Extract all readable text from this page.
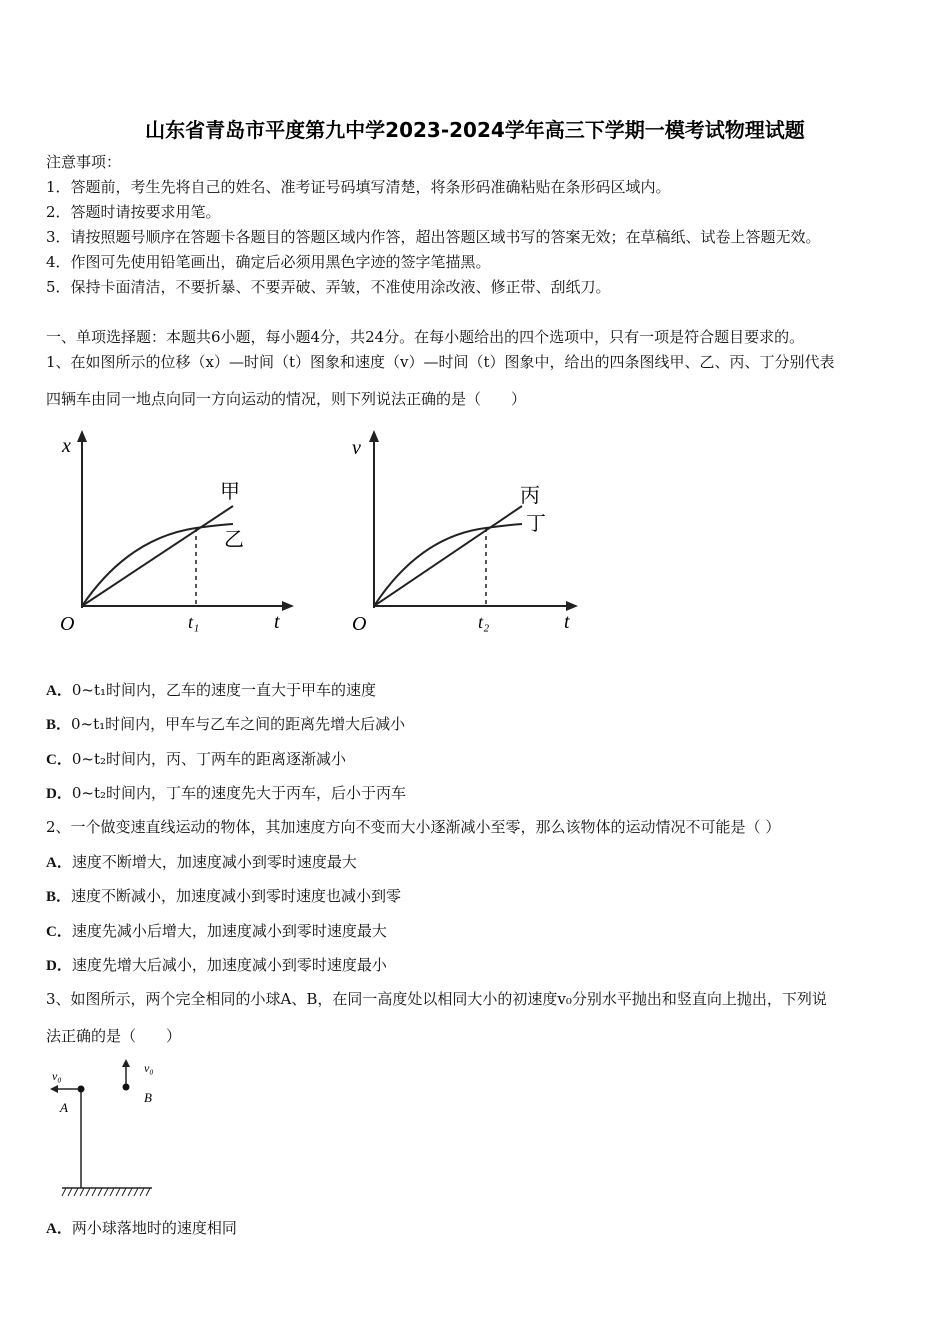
山东省青岛市平度第九中学2023-2024学年高三下学期一模考试物理试题
注意事项：
1．答题前，考生先将自己的姓名、准考证号码填写清楚，将条形码准确粘贴在条形码区域内。
2．答题时请按要求用笔。
3．请按照题号顺序在答题卡各题目的答题区域内作答，超出答题区域书写的答案无效；在草稿纸、试卷上答题无效。
4．作图可先使用铅笔画出，确定后必须用黑色字迹的签字笔描黑。
5．保持卡面清洁，不要折暴、不要弄破、弄皱，不准使用涂改液、修正带、刮纸刀。
一、单项选择题：本题共6小题，每小题4分，共24分。在每小题给出的四个选项中，只有一项是符合题目要求的。
1、在如图所示的位移（x）—时间（t）图象和速度（v）—时间（t）图象中，给出的四条图线甲、乙、丙、丁分别代表
四辆车由同一地点向同一方向运动的情况，则下列说法正确的是（　　）
x
t
O	t₁
甲
乙
v
t
O	t₂
丙
丁
A．0~t₁时间内，乙车的速度一直大于甲车的速度
B．0~t₁时间内，甲车与乙车之间的距离先增大后减小
C．0~t₂时间内，丙、丁两车的距离逐渐减小
D．0~t₂时间内，丁车的速度先大于丙车，后小于丙车
2、一个做变速直线运动的物体，其加速度方向不变而大小逐渐减小至零，那么该物体的运动情况不可能是（ ）
A．速度不断增大，加速度减小到零时速度最大
B．速度不断减小，加速度减小到零时速度也减小到零
C．速度先减小后增大，加速度减小到零时速度最大
D．速度先增大后减小，加速度减小到零时速度最小
3、如图所示，两个完全相同的小球A、B，在同一高度处以相同大小的初速度v₀分别水平抛出和竖直向上抛出，下列说
法正确的是（　　）
v₀
v₀
A
B
A．两小球落地时的速度相同
